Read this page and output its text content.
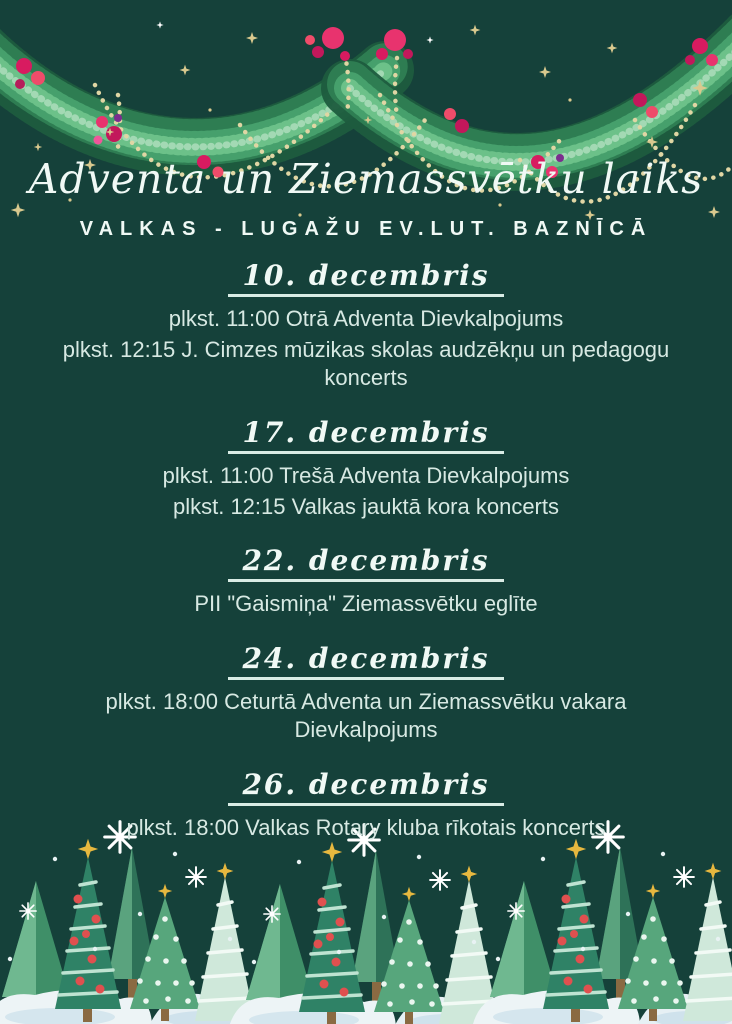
Adventa un Ziemassvētku laiks
VALKAS - LUGAŽU EV.LUT. BAZNĪCĀ
10. decembris

plkst. 11:00 Otrā Adventa Dievkalpojums

plkst. 12:15 J. Cimzes mūzikas skolas audzēkņu un pedagogu koncerts

17. decembris

plkst. 11:00 Trešā Adventa Dievkalpojums

plkst. 12:15 Valkas jauktā kora koncerts

22. decembris

PII "Gaismiņa" Ziemassvētku eglīte

24. decembris

plkst. 18:00 Ceturtā Adventa un Ziemassvētku vakara Dievkalpojums

26. decembris

plkst. 18:00 Valkas Rotary kluba rīkotais koncerts
